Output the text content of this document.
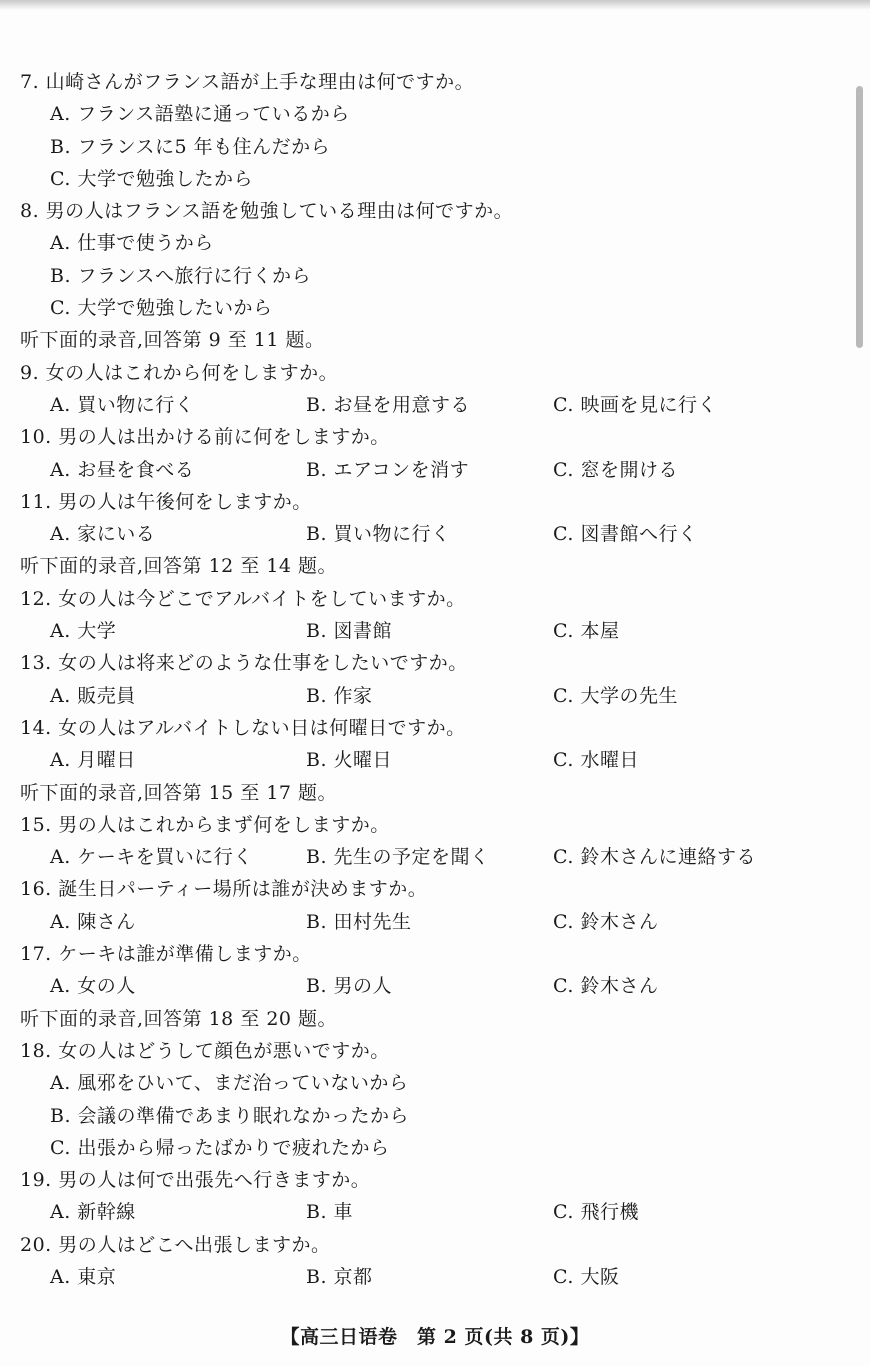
7. 山崎さんがフランス語が上手な理由は何ですか。
A. フランス語塾に通っているから
B. フランスに5 年も住んだから
C. 大学で勉強したから
8. 男の人はフランス語を勉強している理由は何ですか。
A. 仕事で使うから
B. フランスへ旅行に行くから
C. 大学で勉強したいから
听下面的录音,回答第 9 至 11 题。
9. 女の人はこれから何をしますか。
A. 買い物に行く	B. お昼を用意する	C. 映画を見に行く
10. 男の人は出かける前に何をしますか。
A. お昼を食べる	B. エアコンを消す	C. 窓を開ける
11. 男の人は午後何をしますか。
A. 家にいる	B. 買い物に行く	C. 図書館へ行く
听下面的录音,回答第 12 至 14 题。
12. 女の人は今どこでアルバイトをしていますか。
A. 大学	B. 図書館	C. 本屋
13. 女の人は将来どのような仕事をしたいですか。
A. 販売員	B. 作家	C. 大学の先生
14. 女の人はアルバイトしない日は何曜日ですか。
A. 月曜日	B. 火曜日	C. 水曜日
听下面的录音,回答第 15 至 17 题。
15. 男の人はこれからまず何をしますか。
A. ケーキを買いに行く	B. 先生の予定を聞く	C. 鈴木さんに連絡する
16. 誕生日パーティー場所は誰が決めますか。
A. 陳さん	B. 田村先生	C. 鈴木さん
17. ケーキは誰が準備しますか。
A. 女の人	B. 男の人	C. 鈴木さん
听下面的录音,回答第 18 至 20 题。
18. 女の人はどうして顔色が悪いですか。
A. 風邪をひいて、まだ治っていないから
B. 会議の準備であまり眠れなかったから
C. 出張から帰ったばかりで疲れたから
19. 男の人は何で出張先へ行きますか。
A. 新幹線	B. 車	C. 飛行機
20. 男の人はどこへ出張しますか。
A. 東京	B. 京都	C. 大阪
【高三日语卷　第 2 页(共 8 页)】
